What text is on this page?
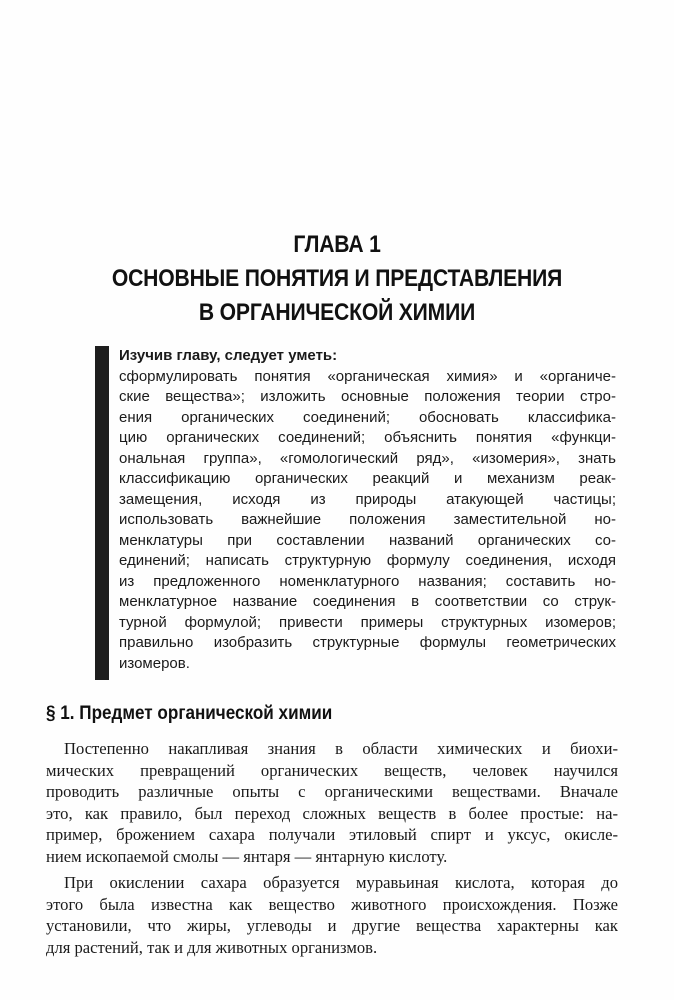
ГЛАВА 1
ОСНОВНЫЕ ПОНЯТИЯ И ПРЕДСТАВЛЕНИЯ
В ОРГАНИЧЕСКОЙ ХИМИИ
Изучив главу, следует уметь:
сформулировать понятия «органическая химия» и «органиче-
ские вещества»; изложить основные положения теории стро-
ения органических соединений; обосновать классифика-
цию органических соединений; объяснить понятия «функци-
ональная группа», «гомологический ряд», «изомерия», знать
классификацию органических реакций и механизм реак-
замещения, исходя из природы атакующей частицы;
использовать важнейшие положения заместительной но-
менклатуры при составлении названий органических со-
единений; написать структурную формулу соединения, исходя
из предложенного номенклатурного названия; составить но-
менклатурное название соединения в соответствии со струк-
турной формулой; привести примеры структурных изомеров;
правильно изобразить структурные формулы геометрических
изомеров.
§ 1. Предмет органической химии
Постепенно накапливая знания в области химических и биохи-
мических превращений органических веществ, человек научился
проводить различные опыты с органическими веществами. Вначале
это, как правило, был переход сложных веществ в более простые: на-
пример, брожением сахара получали этиловый спирт и уксус, окисле-
нием ископаемой смолы — янтаря — янтарную кислоту.
При окислении сахара образуется муравьиная кислота, которая до
этого была известна как вещество животного происхождения. Позже
установили, что жиры, углеводы и другие вещества характерны как
для растений, так и для животных организмов.
